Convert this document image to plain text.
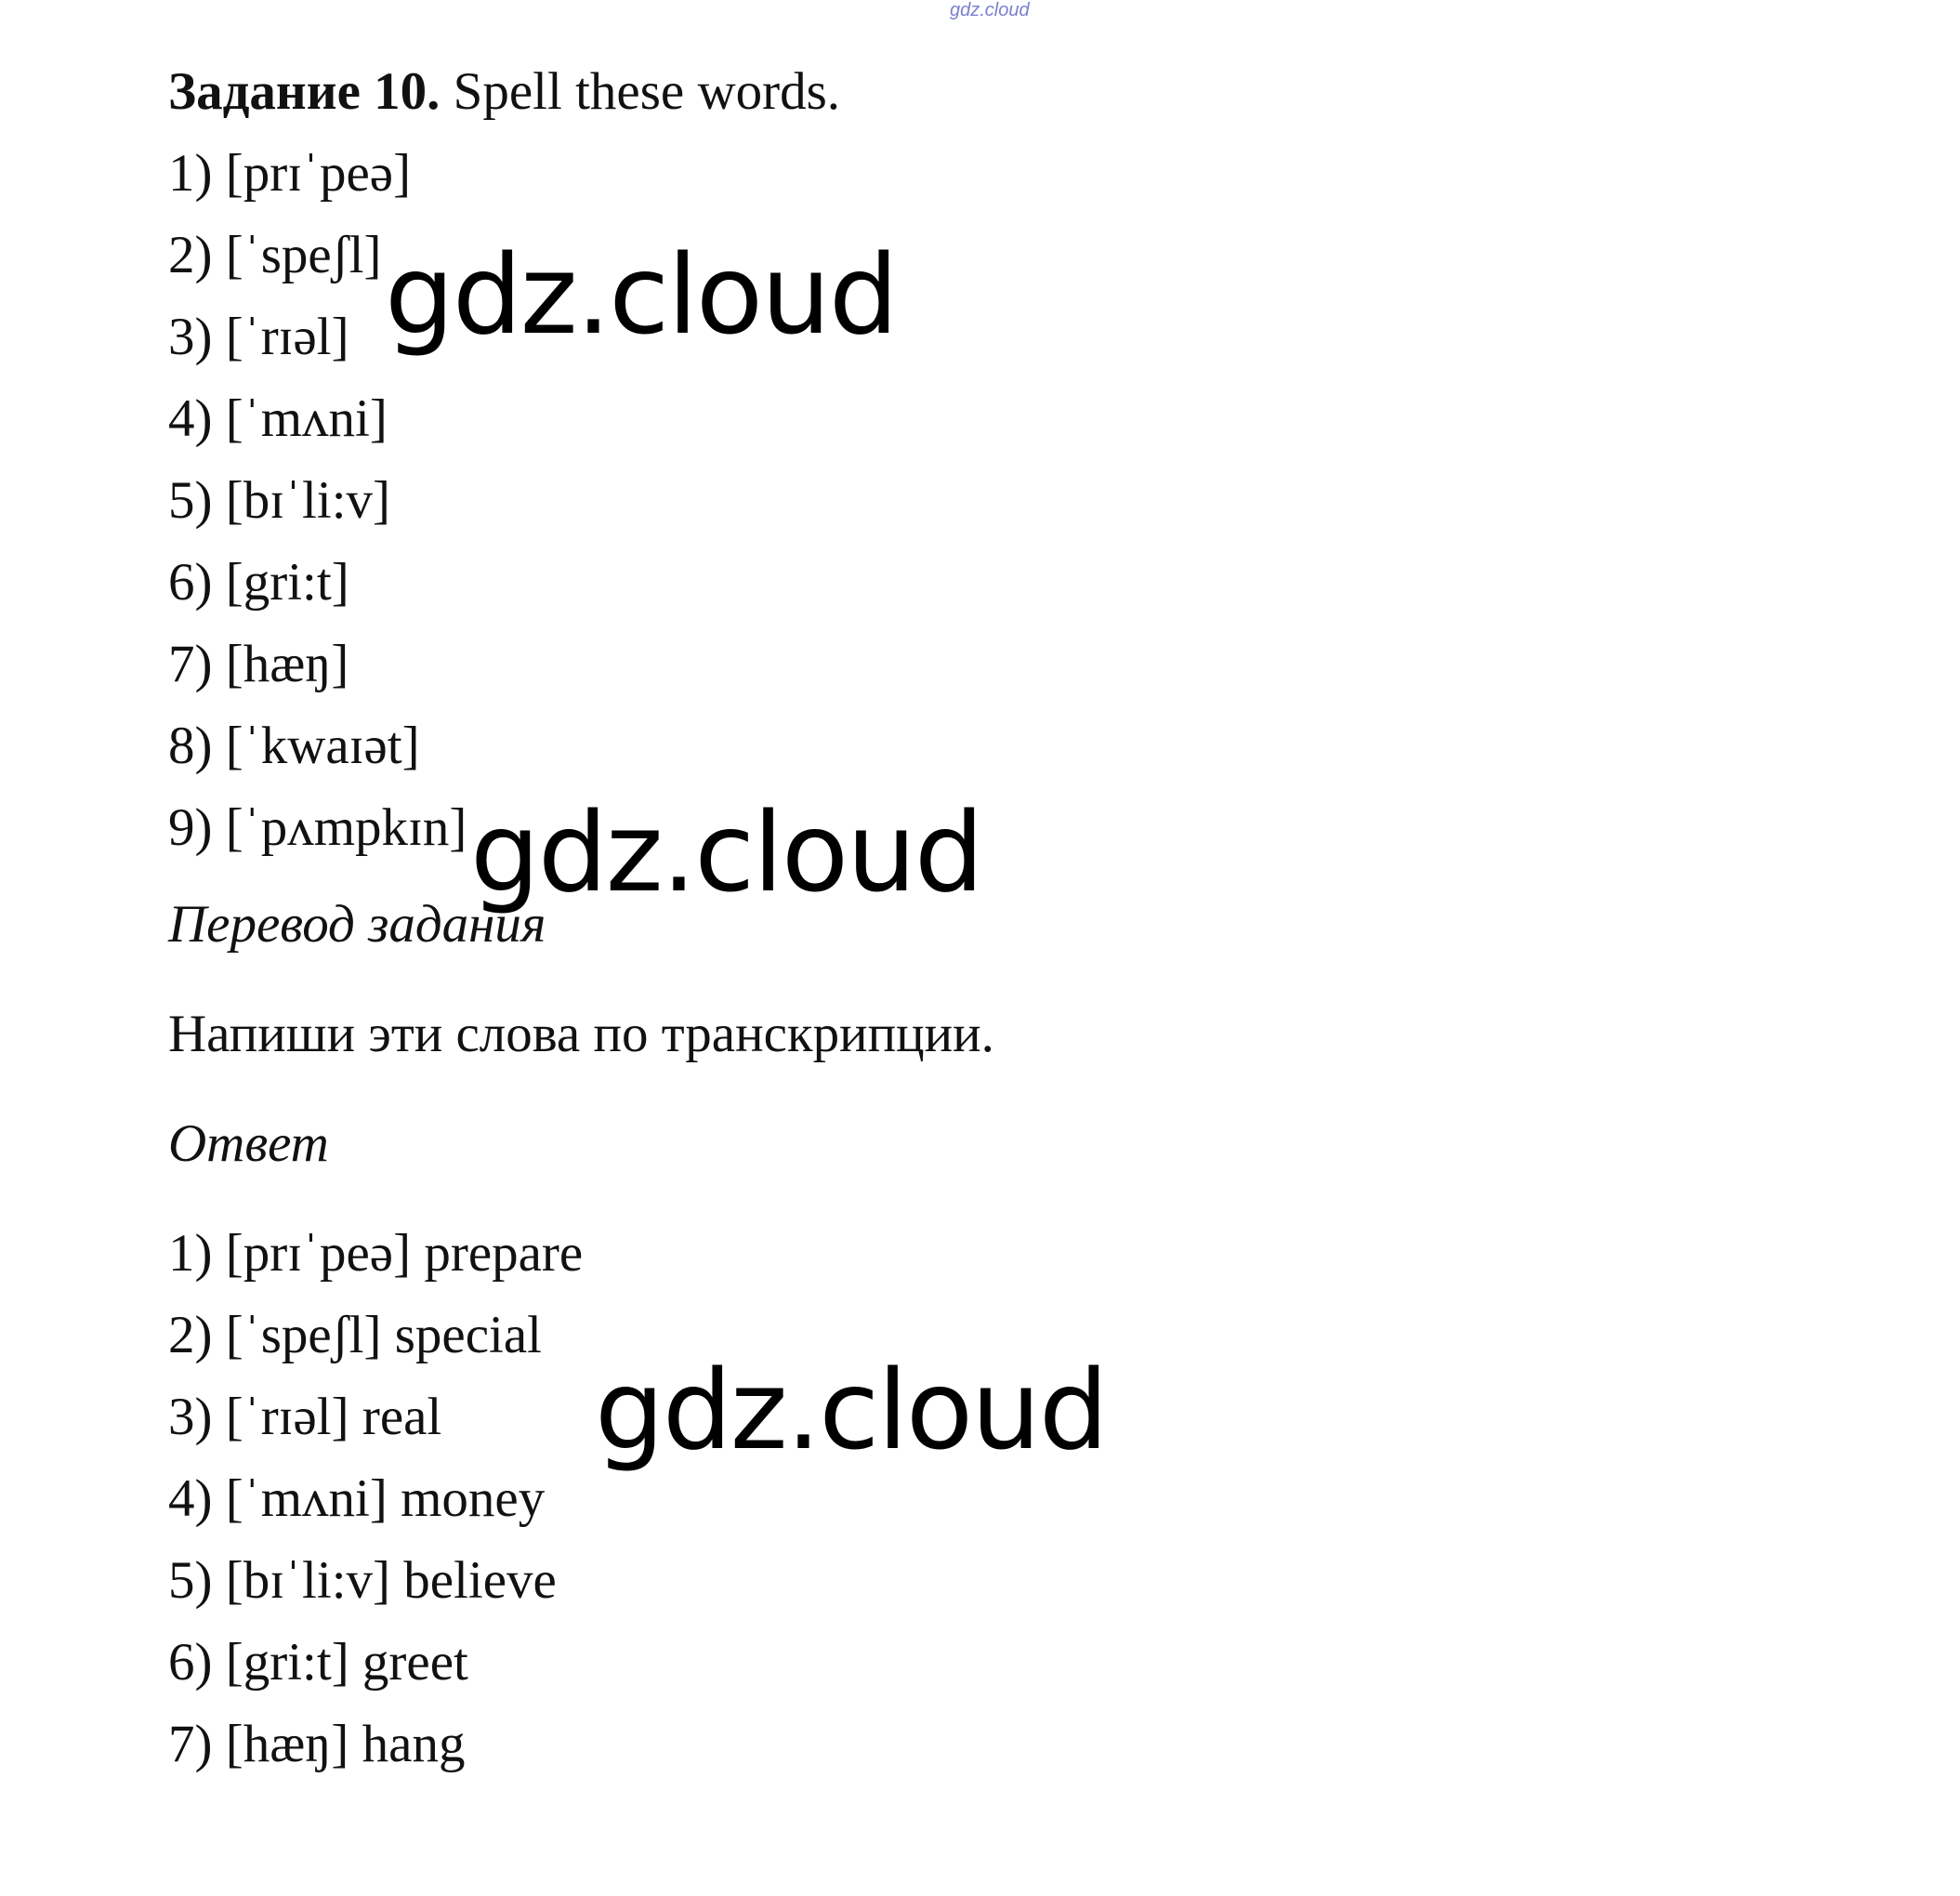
gdz.cloud
Задание 10. Spell these words.
1) [prɪˈpeə]
2) [ˈspeʃl]
3) [ˈrɪəl]
4) [ˈmʌni]
5) [bɪˈli:v]
6) [gri:t]
7) [hæŋ]
8) [ˈkwaɪət]
9) [ˈpʌmpkɪn]
Перевод задания
Напиши эти слова по транскрипции.
Ответ
1) [prɪˈpeə] prepare
2) [ˈspeʃl] special
3) [ˈrɪəl] real
4) [ˈmʌni] money
5) [bɪˈli:v] believe
6) [gri:t] greet
7) [hæŋ] hang
gdz.cloud
gdz.cloud
gdz.cloud
